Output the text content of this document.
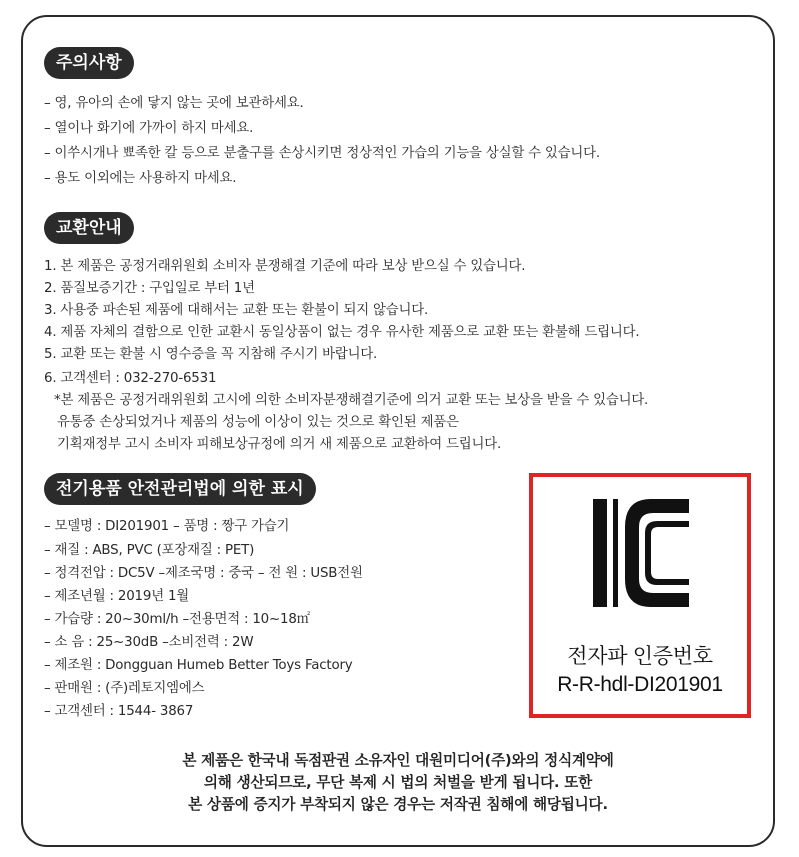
주의사항
– 영, 유아의 손에 닿지 않는 곳에 보관하세요.
– 열이나 화기에 가까이 하지 마세요.
– 이쑤시개나 뾰족한 칼 등으로 분출구를 손상시키면 정상적인 가습의 기능을 상실할 수 있습니다.
– 용도 이외에는 사용하지 마세요.
교환안내
1. 본 제품은 공정거래위원회 소비자 분쟁해결 기준에 따라 보상 받으실 수 있습니다.
2. 품질보증기간 : 구입일로 부터 1년
3. 사용중 파손된 제품에 대해서는 교환 또는 환불이 되지 않습니다.
4. 제품 자체의 결함으로 인한 교환시 동일상품이 없는 경우 유사한 제품으로 교환 또는 환불해 드립니다.
5. 교환 또는 환불 시 영수증을 꼭 지참해 주시기 바랍니다.
6. 고객센터 : 032-270-6531
*본 제품은 공정거래위원회 고시에 의한 소비자분쟁해결기준에 의거 교환 또는 보상을 받을 수 있습니다.
유통중 손상되었거나 제품의 성능에 이상이 있는 것으로 확인된 제품은
기획재정부 고시 소비자 피해보상규정에 의거 새 제품으로 교환하여 드립니다.
전기용품 안전관리법에 의한 표시
– 모델명 : DI201901 – 품명 : 짱구 가습기
– 재질 : ABS, PVC (포장재질 : PET)
– 정격전압 : DC5V –제조국명 : 중국 – 전 원 : USB전원
– 제조년월 : 2019년 1월
– 가습량 : 20~30ml/h –전용면적 : 10~18㎡
– 소 음 : 25~30dB –소비전력 : 2W
– 제조원 : Dongguan Humeb Better Toys Factory
– 판매원 : (주)레토지엠에스
– 고객센터 : 1544- 3867
전자파 인증번호
R-R-hdl-DI201901
본 제품은 한국내 독점판권 소유자인 대원미디어(주)와의 정식계약에
의해 생산되므로, 무단 복제 시 법의 처벌을 받게 됩니다. 또한
본 상품에 증지가 부착되지 않은 경우는 저작권 침해에 해당됩니다.
